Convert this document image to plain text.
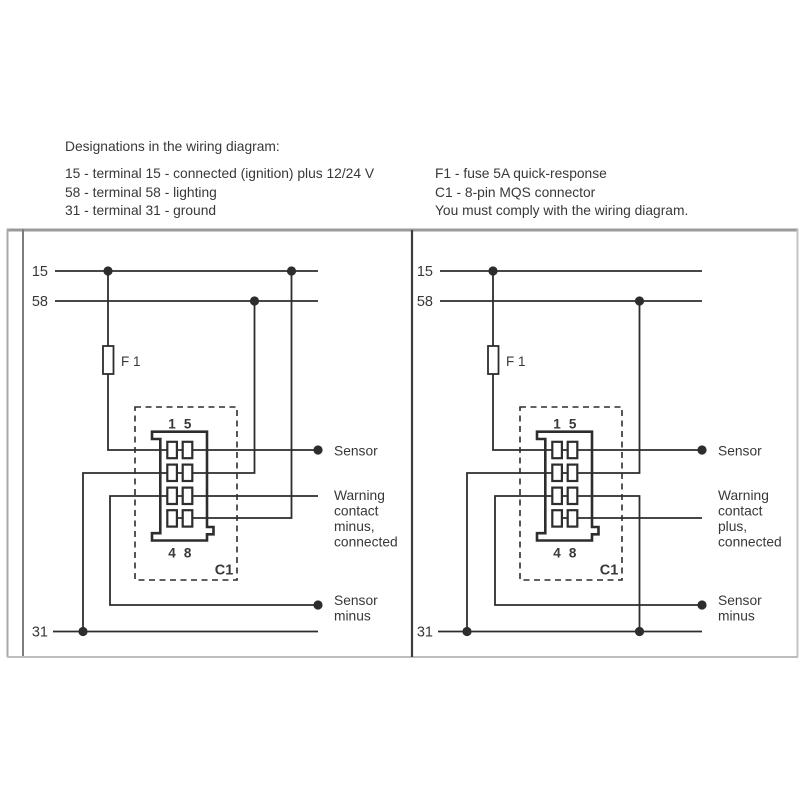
Designations in the wiring diagram:
15 - terminal 15 - connected (ignition) plus 12/24 V
58 - terminal 58 - lighting
31 - terminal 31 - ground
F1 - fuse 5A quick-response
C1 - 8-pin MQS connector
You must comply with the wiring diagram.
15
58
31
F 1
1 5
4 8
C1
Sensor
Warning
contact
minus,
connected
Sensor
minus
15
58
31
F 1
1 5
4 8
C1
Sensor
Warning
contact
plus,
connected
Sensor
minus
